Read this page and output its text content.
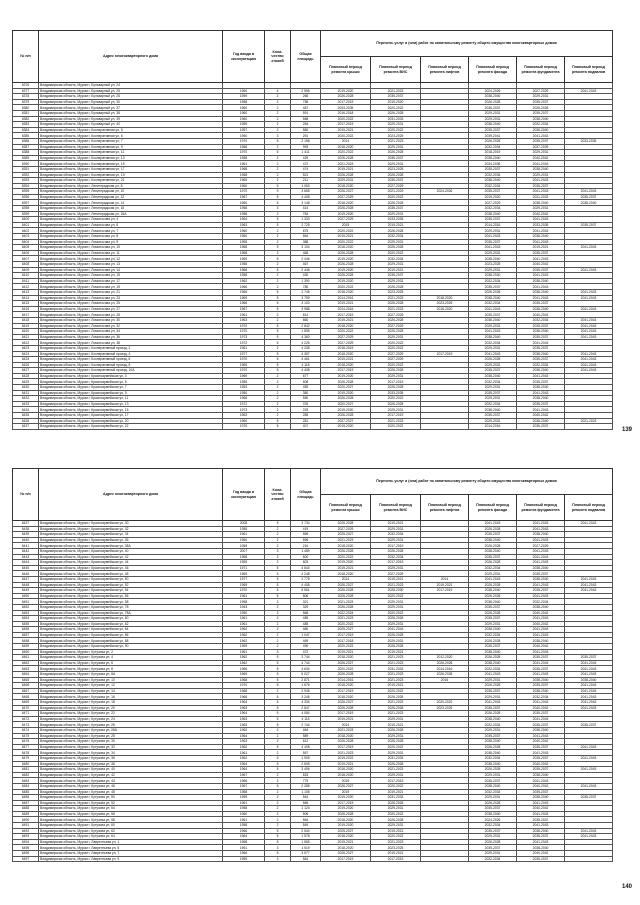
№ п/п	Адрес многоквартирного дома	Год ввода в эксплуатацию	Коли- чество этажей	Общая площадь	Перечень услуг и (или) работ по капитальному ремонту общего имущества многоквартирных домов					
					Плановый период ремонта крыши	Плановый период ремонта ВИС	Плановый период ремонта лифтов	Плановый период ремонта фасада	Плановый период ремонта фундамента	Плановый период ремонта подвалов
6376	Владимирская область, Муром г, Бульварный ул, 24									
6377	Владимирская область, Муром г, Бульварный ул, 25	1960	4	2 555	2019-2020	2021-2023		2024-2026	2027-2029	2041-2043
6378	Владимирская область, Муром г, Бульварный ул, 26	1959	2	266	2026-2028	2035-2037		2038-2040	2029-2031	
6379	Владимирская область, Муром г, Бульварный ул, 30	1958	2	758	2017-2019	2019-2020		2026-2028	2035-2037	
6380	Владимирская область, Муром г, Бульварный ул, 37	1960	2	487	2033-2035	2020-2022		2036-2037	2026-2028	
6381	Владимирская область, Муром г, Бульварный ул, 38	1960	2	591	2016-2018	2026-2028		2029-2031	2035-2037	
6382	Владимирская область, Муром г, Бульварный ул, 39	1960	2	568	2020-2022	2031-2033		2029-2031	2038-2040	
6383	Владимирская область, Муром г, Бульварный ул, 40	1959	2	284	2017-2019	2029-2031		2038-2040	2032-2034	
6384	Владимирская область, Муром г, Кооперативная ул, 5	1957	2	580	2019-2021	2020-2022		2035-2037	2038-2040	
6385	Владимирская область, Муром г, Кооперативная ул, 6	1950	3	291	2020-2022	2023-2025		2039-2041	2041-2043	
6386	Владимирская область, Муром г, Кооперативная ул, 7	1970	5	2 158	2014	2021-2023		2026-2028	2035-2037	2033-2035
6387	Владимирская область, Муром г, Кооперативная ул, 9	1968	2	993	2018-2020	2029-2031		2032-2034	2037-2039	
6388	Владимирская область, Муром г, Кооперативная ул, 11	1970	5	1 411	2020-2022	2026-2028		2018-2019	2029-2031	
6389	Владимирская область, Муром г, Кооперативная ул, 13	1958	2	429	2026-2028	2035-2037		2038-2040	2040-2042	
6390	Владимирская область, Муром г, Кооперативная ул, 15	1961	2	472	2021-2023	2029-2031		2034-2036	2041-2043	
6391	Владимирская область, Муром г, Кооперативная ул, 17	1968	2	474	2019-2021	2023-2025		2035-2037	2038-2040	
6392	Владимирская область, Муром г, Кооперативная ул, 19	1958	2	521	2026-2028	2026-2028		2032-2034	2029-2031	
6393	Владимирская область, Муром г, Кооперативная ул, 21	1965	2	211	2029-2031	2035-2037		2038-2040	2041-2043	
6394	Владимирская область, Муром г, Ленинградская ул, 8	1960	5	1 063	2018-2020	2027-2029		2032-2034	2035-2037	
6395	Владимирская область, Муром г, Ленинградская ул, 10	1970	9	3 665	2026-2027	2021-2023	2024-2026	2035-2037	2041-2043	2041-2043
6396	Владимирская область, Муром г, Ленинградская ул, 12	1967	5	4 408	2027-2029	2020-2022		2019-2020	2031-2033	2035-2037
6397	Владимирская область, Муром г, Ленинградская ул, 14	1960	5	3 148	2018-2020	2026-2028		2027-2029	2038-2040	2038-2040
6398	Владимирская область, Муром г, Ленинградская ул, 16	1958	3	414	2026-2028	2035-2037		2032-2034	2029-2031	
6399	Владимирская область, Муром г, Ленинградская ул, 16А	1958	2	784	2019-2020	2029-2031		2038-2040	2040-2042	
6400	Владимирская область, Муром г, Ломоносова ул, 4	1964	5	1 333	2027-2029	2033-2035		2035-2037	2041-2043	
6401	Владимирская область, Муром г, Ломоносова ул, 6	1963	5	2 725	2015	2019-2021		2014-2016	2033-2035	2035-2037
6402	Владимирская область, Муром г, Ломоносова ул, 7	1960	2	675	2020-2022	2026-2028		2029-2031	2041-2043	
6403	Владимирская область, Муром г, Ломоносова ул, 8	1960	2	564	2019-2021	2032-2034		2041-2043	2038-2040	
6404	Владимирская область, Муром г, Ломоносова ул, 9	1955	2	388	2020-2022	2029-2031		2035-2037	2041-2043	
6405	Владимирская область, Муром г, Ломоносова ул, 10	1968	5	3 104	2018-2020	2026-2028		2041-2043	2019-2021	2041-2043
6406	Владимирская область, Муром г, Ломоносова ул, 11	1958	2	468	2026-2028	2020-2022		2029-2031	2035-2037	
6407	Владимирская область, Муром г, Ломоносова ул, 12	1969	5	2 446	2019-2020	2032-2034		2038-2040	2041-2043	
6408	Владимирская область, Муром г, Ломоносова ул, 13	1958	2	467	2026-2028	2029-2031		2023-2025	2040-2042	
6409	Владимирская область, Муром г, Ломоносова ул, 14	1968	5	2 446	2019-2020	2019-2021		2029-2031	2035-2037	2041-2043
6410	Владимирская область, Муром г, Ломоносова ул, 15	1958	2	430	2026-2028	2035-2037		2038-2040	2041-2043	
6411	Владимирская область, Муром г, Ломоносова ул, 17	1962	2	1 390	2019-2020	2029-2031		2032-2034	2038-2040	
6412	Владимирская область, Муром г, Ломоносова ул, 19	1966	2	780	2020-2022	2026-2028		2035-2037	2041-2043	
6413	Владимирская область, Муром г, Ломоносова ул, 21	1966	5	2 745	2018-2020	2023-2025		2026-2028	2038-2040	2041-2043
6414	Владимирская область, Муром г, Ломоносова ул, 23	1969	5	3 759	2014-2016	2021-2023	2018-2020	2038-2040	2041-2043	2041-2043
6415	Владимирская область, Муром г, Ломоносова ул, 25	1966	5	3 100	2019-2021	2026-2028	2023-2025	2032-2034	2035-2037	
6416	Владимирская область, Муром г, Ломоносова ул, 27	1967	5	3 988	2014-2016	2021-2023	2018-2020	2041-2043	2038-2040	2041-2043
6417	Владимирская область, Муром г, Ломоносова ул, 28	1961	2	814	2017-2019	2027-2029		2035-2037	2040-2042	
6418	Владимирская область, Муром г, Ломоносова ул, 30	1963	2	860	2019-2021	2026-2028		2038-2040	2032-2034	2041-2043
6419	Владимирская область, Муром г, Ломоносова ул, 32	1970	5	2 842	2018-2020	2027-2029		2029-2031	2035-2037	2041-2043
6420	Владимирская область, Муром г, Ломоносова ул, 34	1970	5	1 895	2020-2022	2026-2028		2041-2043	2038-2040	2041-2043
6421	Владимирская область, Муром г, Ломоносова ул, 36	1973	5	4 360	2027-2029	2029-2031		2038-2040	2035-2037	2041-2043
6422	Владимирская область, Муром г, Ломоносова ул, 38	1972	5	4 225	2027-2029	2020-2022		2032-2034	2041-2043	
6423	Владимирская область, Муром г, Кооперативный проезд, 2	1961	2	4 208	2018-2019	2020-2022		2029-2031	2035-2037	
6424	Владимирская область, Муром г, Кооперативный проезд, 4	1977	5	4 357	2018-2020	2027-2029	2017-2019	2041-2043	2038-2040	2041-2043
6425	Владимирская область, Муром г, Кооперативный проезд, 6	1970	5	4 461	2019-2021	2027-2029		2026-2028	2035-2037	2041-2043
6426	Владимирская область, Муром г, Кооперативный проезд, 8	1969	5	4 118	2018-2020	2020-2022		2029-2031	2032-2034	2041-2043
6427	Владимирская область, Муром г, Кооперативный проезд, 10А	1970	5	4 408	2017-2019	2026-2028		2035-2037	2038-2040	2041-2043
6428	Владимирская область, Муром г, Красноармейская ул, 3	1969	2	677	2019-2020	2029-2031		2038-2040	2041-2043	
6429	Владимирская область, Муром г, Красноармейская ул, 5	1955	2	608	2026-2028	2017-2019		2032-2034	2035-2037	
6430	Владимирская область, Муром г, Красноармейская ул, 7	1953	2	459	2020-2027	2026-2028		2029-2031	2038-2040	
6431	Владимирская область, Муром г, Красноармейская ул, 9	1950	2	380	2019-2020	2033-2035		2035-2037	2041-2043	
6432	Владимирская область, Муром г, Красноармейская ул, 11	1968	2	550	2026-2028	2020-2022		2029-2031	2038-2040	
6433	Владимирская область, Муром г, Красноармейская ул, 13	1972	2	376	2020-2027	2026-2028		2032-2034	2035-2037	
6434	Владимирская область, Муром г, Красноармейская ул, 15	1973	2	378	2019-2020	2029-2031		2038-2040	2041-2043	
6435	Владимирская область, Муром г, Красноармейская ул, 17	1963	2	285	2026-2028	2017-2019		2035-2037	2040-2042	
6436	Владимирская область, Муром г, Красноармейская ул, 20	1960	5	281	2027-2027	2021-2023		2029-2031	2038-2040	2021-2023
6437	Владимирская область, Муром г, Красноармейская ул, 22	1970	5	407	2019-2020	2020-2022		2014-2016	2035-2037	
139
№ п/п	Адрес многоквартирного дома	Год ввода в эксплуатацию	Коли- чество этажей	Общая площадь	Перечень услуг и (или) работ по капитальному ремонту общего имущества многоквартирных домов					
					Плановый период ремонта крыши	Плановый период ремонта ВИС	Плановый период ремонта лифтов	Плановый период ремонта фасада	Плановый период ремонта фундамента	Плановый период ремонта подвалов
6437	Владимирская область, Муром г, Красноармейская ул, 30	2008	5	3 734	2026-2028	2019-2021		2041-2043	2041-2043	2041-2043
6438	Владимирская область, Муром г, Красноармейская ул, 32	1955	2	419	2027-2029	2029-2031		2026-2028	2041-2043	
6439	Владимирская область, Муром г, Красноармейская ул, 34	1961	2	565	2025-2027	2032-2034		2035-2037	2038-2040	
6440	Владимирская область, Муром г, Красноармейская ул, 36	1960	2	596	2021-2023	2029-2031		2038-2040	2041-2043	
6441	Владимирская область, Муром г, Красноармейская ул, 38А	1959	2	216	2018-2020	2017-2019		2026-2028	2027-2029	
6442	Владимирская область, Муром г, Красноармейская ул, 40	2007	3	1 489	2026-2028	2026-2028		2038-2040	2041-2043	
6443	Владимирская область, Муром г, Красноармейская ул, 42	1958	2	600	2020-2022	2032-2034		2035-2037	2041-2043	
6444	Владимирская область, Муром г, Красноармейская ул, 44	1959	2	603	2019-2020	2017-2019		2026-2028	2041-2043	
6445	Владимирская область, Муром г, Красноармейская ул, 46	1971	5	4 644	2019-2021	2029-2031		2032-2034	2038-2040	
6446	Владимирская область, Муром г, Красноармейская ул, 48	1969	5	4 248	2018-2020	2027-2029		2029-2031	2035-2037	
6447	Владимирская область, Муром г, Красноармейская ул, 50	1977	5	2 778	2014	2019-2021	2014	2041-2043	2038-2040	2041-2043
6448	Владимирская область, Муром г, Красноармейская ул, 52	1969	5	4 408	2026-2027	2021-2023	2019-2021	2026-2028	2041-2043	2041-2043
6449	Владимирская область, Муром г, Красноармейская ул, 54	1970	5	5 561	2026-2028	2028-2030	2017-2019	2038-2040	2035-2037	2041-2043
6450	Владимирская область, Муром г, Красноармейская ул, 56	1961	5	806	2026-2028	2020-2022		2026-2028	2041-2043	
6451	Владимирская область, Муром г, Красноармейская ул, 58	1958	3	321	2021-2023	2029-2031		2038-2040	2032-2034	
6452	Владимирская область, Муром г, Красноармейская ул, 78	1943	2	329	2026-2028	2029-2031		2035-2037	2038-2040	
6453	Владимирская область, Муром г, Красноармейская ул, 78А	1950	2	568	2022-2024	2020-2022		2026-2028	2040-2042	
6454	Владимирская область, Муром г, Красноармейская ул, 80	1961	2	485	2021-2023	2026-2028		2035-2037	2041-2043	
6455	Владимирская область, Муром г, Красноармейская ул, 82	1961	2	485	2020-2022	2029-2031		2029-2031	2040-2042	
6456	Владимирская область, Муром г, Красноармейская ул, 84	1962	2	480	2025-2027	2041-2043		2038-2040	2041-2043	
6457	Владимирская область, Муром г, Красноармейская ул, 86	1962	2	1 047	2017-2019	2026-2028		2032-2034	2041-2043	
6458	Владимирская область, Муром г, Красноармейская ул, 88	1962	2	469	2017-2018	2029-2031		2026-2028	2038-2040	
6459	Владимирская область, Муром г, Красноармейская ул, 90	1959	2	490	2020-2022	2026-2028		2035-2037	2040-2042	
6460	Владимирская область, Муром г, Кутузова ул, 2	1961	3	472	2019-2021	2019-2021		2038-2040	2041-2043	
6461	Владимирская область, Муром г, Кутузова ул, 4	1962	5	2 744	2018-2020	2021-2023	2012-2020	2026-2028	2035-2037	2035-2037
6462	Владимирская область, Муром г, Кутузова ул, 6	1962	5	4 744	2026-2027	2021-2023	2026-2028	2038-2040	2041-2043	2041-2043
6463	Владимирская область, Муром г, Кутузова ул, 8	1966	5	4 634	2020-2022	2031-2033	2014-2016	2032-2034	2035-2037	2041-2043
6464	Владимирская область, Муром г, Кутузова ул, 8А	1969	5	5 027	2026-2028	2021-2023	2026-2028	2041-2043	2041-2043	2041-2043
6465	Владимирская область, Муром г, Кутузова ул, 10	1968	5	2 871	2014-2016	2021-2023	2016	2029-2031	2038-2040	2038-2040
6466	Владимирская область, Муром г, Кутузова ул, 12	1970	5	1 676	2018-2020	2019-2021		2026-2028	2035-2037	2041-2043
6467	Владимирская область, Муром г, Кутузова ул, 14	1968	2	2 945	2017-2019	2020-2022		2035-2037	2038-2040	2041-2043
6468	Владимирская область, Муром г, Кутузова ул, 16	1966	5	3 246	2018-2020	2026-2028		2029-2031	2032-2034	2041-2043
6469	Владимирская область, Муром г, Кутузова ул, 18	1964	5	4 334	2026-2027	2021-2023	2020-2022	2041-2043	2041-2043	2041-2043
6470	Владимирская область, Муром г, Кутузова ул, 20	1963	5	2 847	2026-2028	2026-2028	2023-2025	2035-2037	2040-2042	2041-2043
6471	Владимирская область, Муром г, Кутузова ул, 22	1964	5	4 084	2017-2019	2021-2023		2026-2028	2035-2037	
6472	Владимирская область, Муром г, Кутузова ул, 24	1963	5	4 118	2019-2021	2029-2031		2038-2040	2041-2043	
6473	Владимирская область, Муром г, Кутузова ул, 26	1963	5	2 744	2014	2019-2021		2032-2034	2035-2037	2035-2037
6474	Владимирская область, Муром г, Кутузова ул, 26А	1962	2	464	2021-2023	2026-2028		2029-2031	2038-2040	
6475	Владимирская область, Муром г, Кутузова ул, 28	1964	2	589	2018-2020	2029-2031		2035-2037	2041-2043	
6476	Владимирская область, Муром г, Кутузова ул, 30	1963	2	612	2026-2028	2026-2028		2038-2040	2040-2042	
6477	Владимирская область, Муром г, Кутузова ул, 32	1962	5	4 408	2017-2019	2020-2022		2026-2028	2035-2037	2041-2043
6478	Владимирская область, Муром г, Кутузова ул, 34	1961	2	557	2021-2023	2029-2031		2038-2040	2041-2043	
6479	Владимирская область, Муром г, Кутузова ул, 36	1962	5	1 905	2019-2022	2031-2033		2032-2034	2035-2037	2041-2043
6480	Владимирская область, Муром г, Кутузова ул, 38	1964	5	2 605	2019-2021	2026-2028		2038-2040	2040-2042	
6481	Владимирская область, Муром г, Кутузова ул, 40	1964	5	3 406	2018-2020	2021-2023		2026-2028	2035-2037	2041-2043
6482	Владимирская область, Муром г, Кутузова ул, 42	1967	2	815	2018-2020	2029-2031		2029-2031	2038-2040	
6483	Владимирская область, Муром г, Кутузова ул, 44	1966	2	779	2015	2017-2019		2035-2037	2041-2043	
6484	Владимирская область, Муром г, Кутузова ул, 46	1967	5	2 288	2026-2027	2020-2022		2038-2040	2040-2042	2041-2043
6485	Владимирская область, Муром г, Кутузова ул, 48	1958	2	1 108	2019	2019-2021		2032-2034	2035-2037	
6486	Владимирская область, Муром г, Кутузова ул, 50	1959	2	544	2019-2020	2031-2033		2029-2031	2038-2040	2035-2037
6487	Владимирская область, Муром г, Кутузова ул, 52	1961	2	565	2017-2019	2026-2028		2026-2028	2041-2043	
6488	Владимирская область, Муром г, Кутузова ул, 54	1958	2	1 124	2019-2020	2029-2031		2035-2037	2040-2042	
6489	Владимирская область, Муром г, Кутузова ул, 56	1960	2	506	2026-2028	2020-2022		2038-2040	2041-2043	
6490	Владимирская область, Муром г, Кутузова ул, 58	1961	2	564	2018-2020	2026-2028		2024-2026	2035-2037	
6491	Владимирская область, Муром г, Кутузова ул, 60	1958	2	549	2019-2020	2029-2031		2032-2034	2041-2043	
6492	Владимирская область, Муром г, Кутузова ул, 62	1966	5	2 544	2025-2027	2019-2021		2035-2037	2038-2040	2041-2043
6493	Владимирская область, Муром г, Кутузова ул, 64	1964	5	1 578	2018-2020	2020-2022		2029-2031	2035-2037	2041-2043
6494	Владимирская область, Муром г, Лаврентьева ул, 1	1968	5	1 565	2019-2021	2021-2023		2026-2028	2041-2043	
6495	Владимирская область, Муром г, Лаврентьева ул, 5	1951	3	1 519	2018-2020	2023-2025		2035-2037	2038-2040	
6496	Владимирская область, Муром г, Лаврентьева ул, 7	1966	5	3 577	2026-2027	2019-2021		2029-2031	2040-2042	
6497	Владимирская область, Муром г, Лаврентьева ул, 9	1959	3	564	2017-2019	2017-2019		2032-2034	2035-2037	
140
